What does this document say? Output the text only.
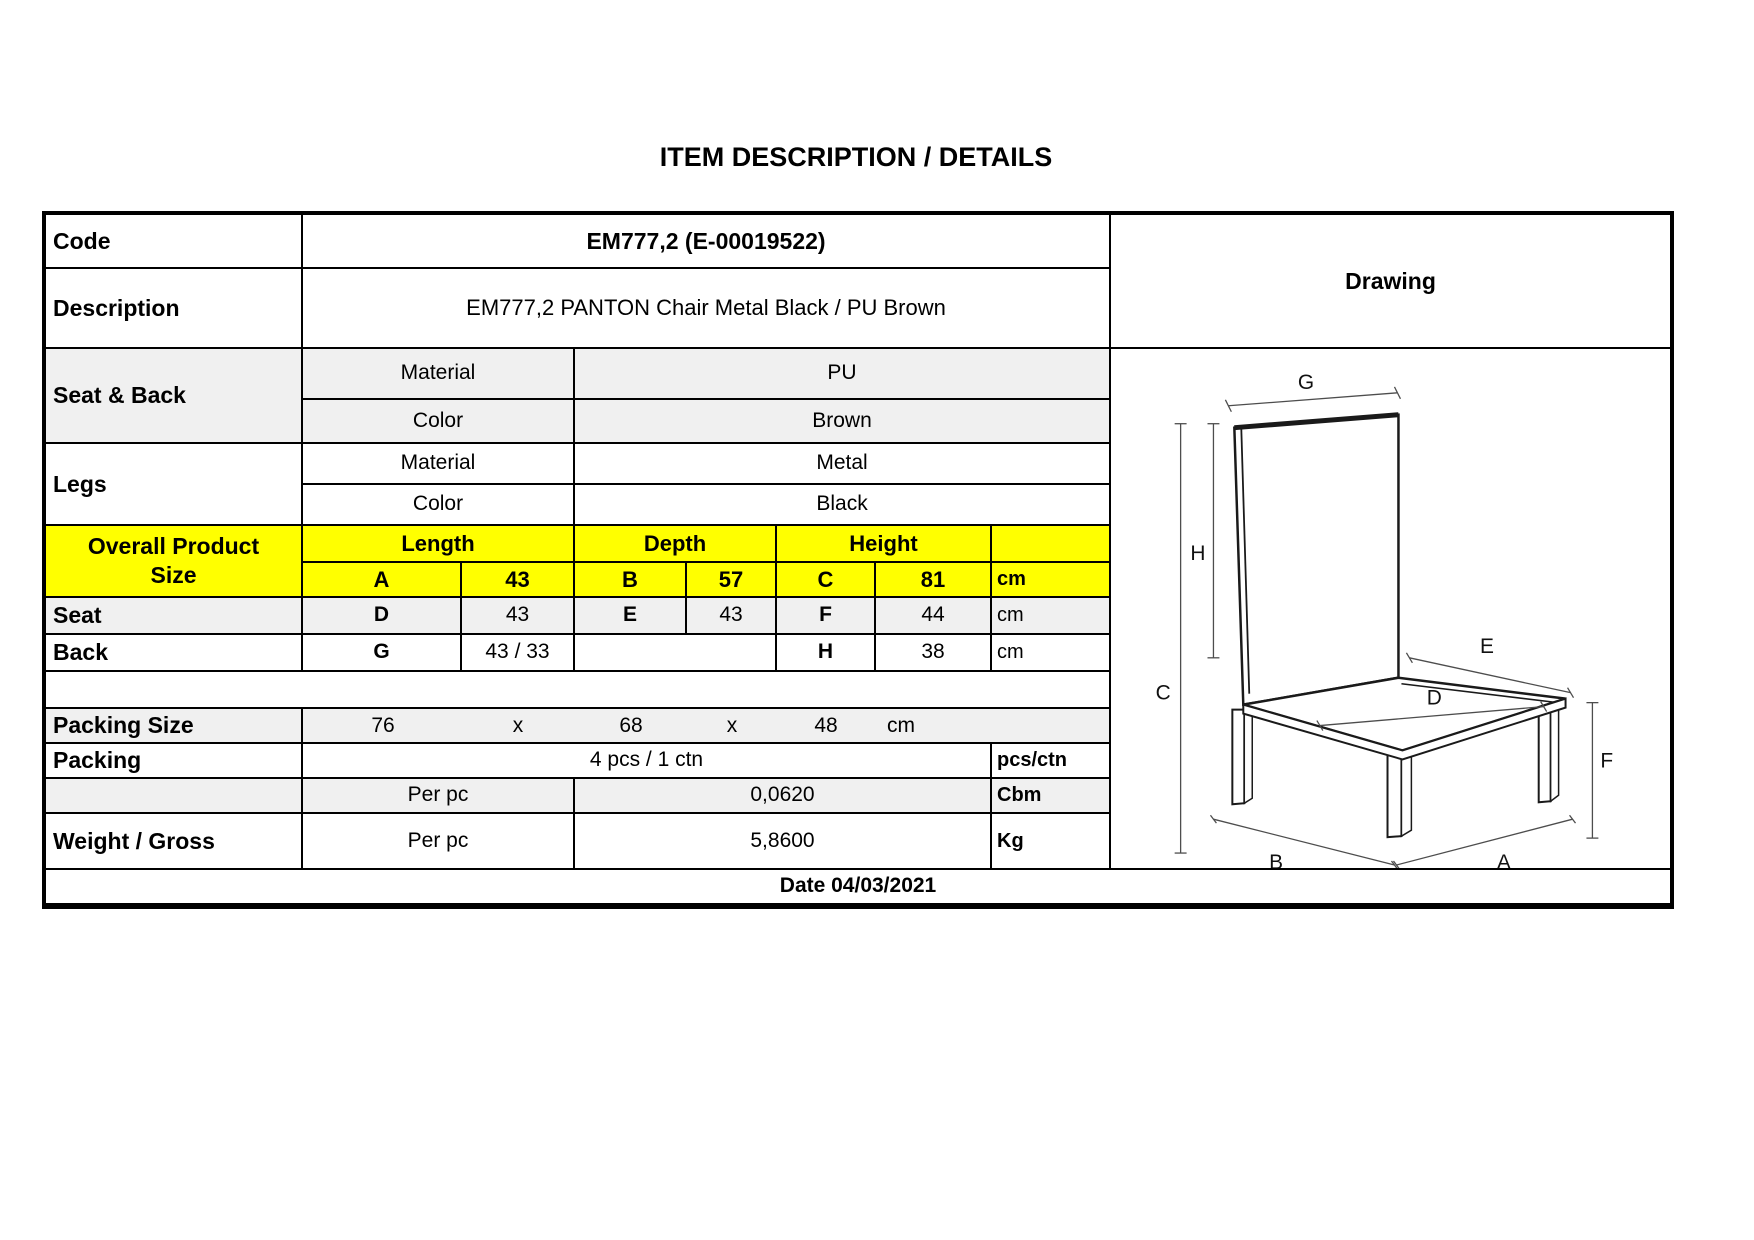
ITEM DESCRIPTION / DETAILS
Code	EM777,2 (E-00019522)							Drawing
Description	EM777,2 PANTON Chair Metal Black / PU Brown							
Seat & Back	Material	PU	G
H
C
E
D
F
B	A

	Color		Brown					
Legs	Material		Metal					
	Color		Black					

Overall Product
Size	Length		Depth		Height			
	A	43	B	57	C	81	cm	
Seat	D	43	E	43	F	44	cm	
Back	G	43 / 33			H	38	cm	

Packing Size	76	x	68	x	48 cm

Packing	4 pcs / 1 ctn						pcs/ctn	
	Per pc		0,0620				Cbm	
Weight / Gross	Per pc		5,8600				Kg	
Date 04/03/2021								
